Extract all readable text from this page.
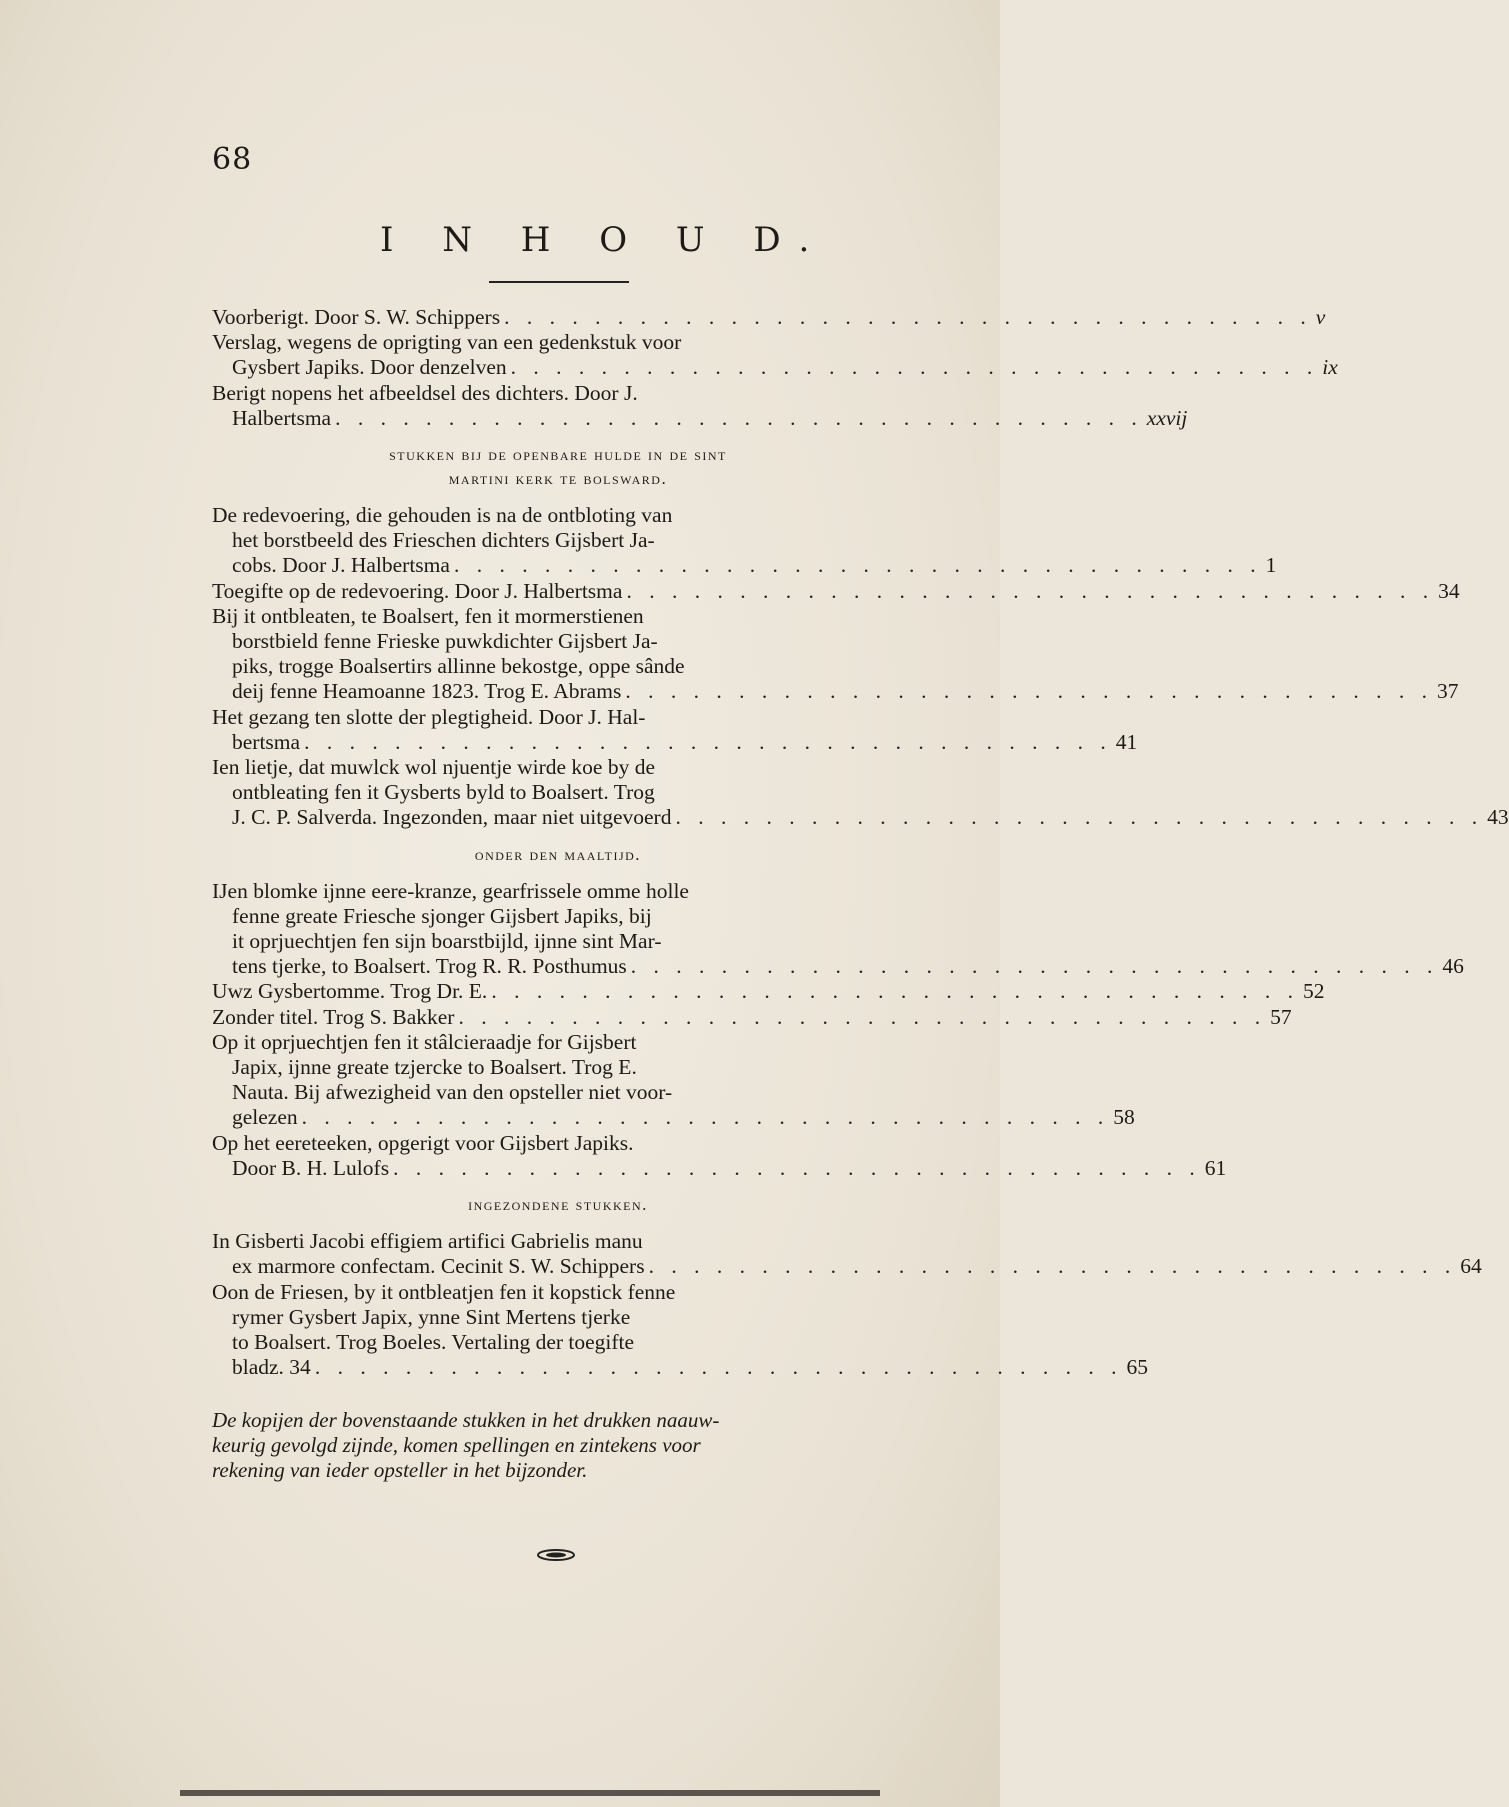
68
I N H O U D.
Voorberigt. Door S. W. Schippers . . . . . . . . . . . . . . . . . . . . . . . . . . . . . . . . . . . . v
Verslag, wegens de oprigting van een gedenkstuk voor
Gysbert Japiks. Door denzelven . . . . . . . . . . . . . . . . . . . . . . . . . . . . . . . . . . . . ix
Berigt nopens het afbeeldsel des dichters. Door J.
Halbertsma . . . . . . . . . . . . . . . . . . . . . . . . . . . . . . . . . . . . xxvij
stukken bij de openbare hulde in de sint
martini kerk te bolsward.
De redevoering, die gehouden is na de ontbloting van
het borstbeeld des Frieschen dichters Gijsbert Ja-
cobs. Door J. Halbertsma . . . . . . . . . . . . . . . . . . . . . . . . . . . . . . . . . . . . 1
Toegifte op de redevoering. Door J. Halbertsma . . . . . . . . . . . . . . . . . . . . . . . . . . . . . . . . . . . . 34
Bij it ontbleaten, te Boalsert, fen it mormerstienen
borstbield fenne Frieske puwkdichter Gijsbert Ja-
piks, trogge Boalsertirs allinne bekostge, oppe sânde
deij fenne Heamoanne 1823. Trog E. Abrams . . . . . . . . . . . . . . . . . . . . . . . . . . . . . . . . . . . . 37
Het gezang ten slotte der plegtigheid. Door J. Hal-
bertsma . . . . . . . . . . . . . . . . . . . . . . . . . . . . . . . . . . . . 41
Ien lietje, dat muwlck wol njuentje wirde koe by de
ontbleating fen it Gysberts byld to Boalsert. Trog
J. C. P. Salverda. Ingezonden, maar niet uitgevoerd . . . . . . . . . . . . . . . . . . . . . . . . . . . . . . . . . . . . 43
onder den maaltijd.
IJen blomke ijnne eere-kranze, gearfrissele omme holle
fenne greate Friesche sjonger Gijsbert Japiks, bij
it oprjuechtjen fen sijn boarstbijld, ijnne sint Mar-
tens tjerke, to Boalsert. Trog R. R. Posthumus . . . . . . . . . . . . . . . . . . . . . . . . . . . . . . . . . . . . 46
Uwz Gysbertomme. Trog Dr. E. . . . . . . . . . . . . . . . . . . . . . . . . . . . . . . . . . . . . 52
Zonder titel. Trog S. Bakker . . . . . . . . . . . . . . . . . . . . . . . . . . . . . . . . . . . . 57
Op it oprjuechtjen fen it stâlcieraadje for Gijsbert
Japix, ijnne greate tzjercke to Boalsert. Trog E.
Nauta. Bij afwezigheid van den opsteller niet voor-
gelezen . . . . . . . . . . . . . . . . . . . . . . . . . . . . . . . . . . . . 58
Op het eereteeken, opgerigt voor Gijsbert Japiks.
Door B. H. Lulofs . . . . . . . . . . . . . . . . . . . . . . . . . . . . . . . . . . . . 61
ingezondene stukken.
In Gisberti Jacobi effigiem artifici Gabrielis manu
ex marmore confectam. Cecinit S. W. Schippers . . . . . . . . . . . . . . . . . . . . . . . . . . . . . . . . . . . . 64
Oon de Friesen, by it ontbleatjen fen it kopstick fenne
rymer Gysbert Japix, ynne Sint Mertens tjerke
to Boalsert. Trog Boeles. Vertaling der toegifte
bladz. 34 . . . . . . . . . . . . . . . . . . . . . . . . . . . . . . . . . . . . 65
De kopijen der bovenstaande stukken in het drukken naauw-
keurig gevolgd zijnde, komen spellingen en zintekens voor
rekening van ieder opsteller in het bijzonder.
